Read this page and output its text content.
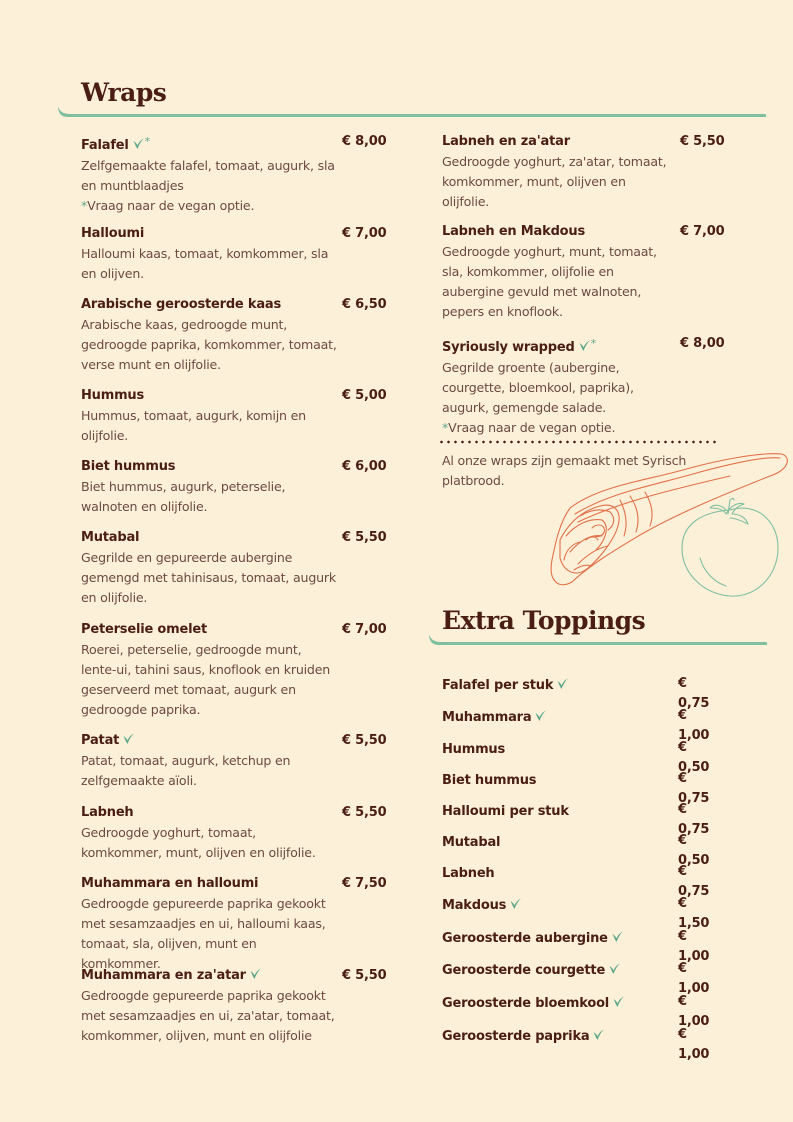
Wraps
Falafel *
Zelfgemaakte falafel, tomaat, augurk, sla en muntblaadjes
*Vraag naar de vegan optie.
€ 8,00
Halloumi
Halloumi kaas, tomaat, komkommer, sla en olijven.
€ 7,00
Arabische geroosterde kaas
Arabische kaas, gedroogde munt, gedroogde paprika, komkommer, tomaat, verse munt en olijfolie.
€ 6,50
Hummus
Hummus, tomaat, augurk, komijn en olijfolie.
€ 5,00
Biet hummus
Biet hummus, augurk, peterselie, walnoten en olijfolie.
€ 6,00
Mutabal
Gegrilde en gepureerde aubergine gemengd met tahinisaus, tomaat, augurk en olijfolie.
€ 5,50
Peterselie omelet
Roerei, peterselie, gedroogde munt, lente-ui, tahini saus, knoflook en kruiden geserveerd met tomaat, augurk en gedroogde paprika.
€ 7,00
Patat
Patat, tomaat, augurk, ketchup en zelfgemaakte aïoli.
€ 5,50
Labneh
Gedroogde yoghurt, tomaat, komkommer, munt, olijven en olijfolie.
€ 5,50
Muhammara en halloumi
Gedroogde gepureerde paprika gekookt met sesamzaadjes en ui, halloumi kaas, tomaat, sla, olijven, munt en komkommer.
€ 7,50
Muhammara en za'atar
Gedroogde gepureerde paprika gekookt met sesamzaadjes en ui, za'atar, tomaat, komkommer, olijven, munt en olijfolie
€ 5,50
Labneh en za'atar
Gedroogde yoghurt, za'atar, tomaat, komkommer, munt, olijven en olijfolie.
€ 5,50
Labneh en Makdous
Gedroogde yoghurt, munt, tomaat, sla, komkommer, olijfolie en aubergine gevuld met walnoten, pepers en knoflook.
€ 7,00
Syriously wrapped *
Gegrilde groente (aubergine, courgette, bloemkool, paprika), augurk, gemengde salade.
*Vraag naar de vegan optie.
€ 8,00
Al onze wraps zijn gemaakt met Syrisch platbrood.
Extra Toppings
Falafel per stuk	€ 0,75
Muhammara	€ 1,00
Hummus	€ 0,50
Biet hummus	€ 0,75
Halloumi per stuk	€ 0,75
Mutabal	€ 0,50
Labneh	€ 0,75
Makdous	€ 1,50
Geroosterde aubergine	€ 1,00
Geroosterde courgette	€ 1,00
Geroosterde bloemkool	€ 1,00
Geroosterde paprika	€ 1,00
